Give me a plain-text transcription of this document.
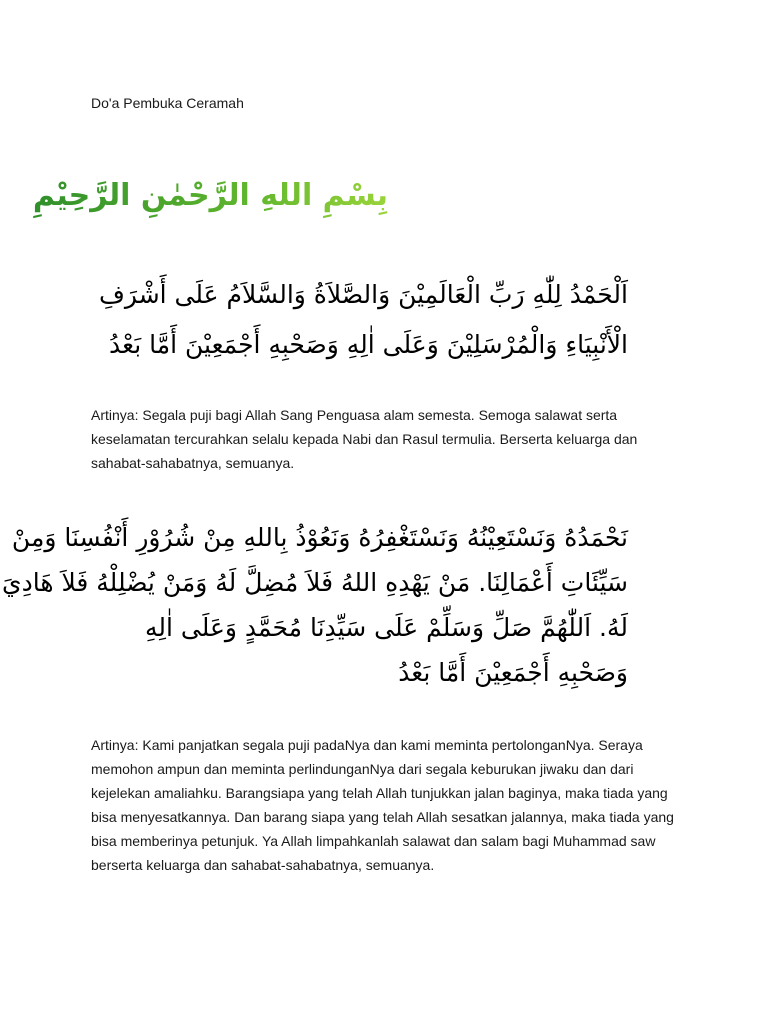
Do'a Pembuka Ceramah
بِسْمِ اللهِ الرَّحْمٰنِ الرَّحِيْمِ
اَلْحَمْدُ لِلّٰهِ رَبِّ الْعَالَمِيْنَ وَالصَّلاَةُ وَالسَّلاَمُ عَلَى أَشْرَفِ
الْأَنْبِيَاءِ وَالْمُرْسَلِيْنَ وَعَلَى اٰلِهِ وَصَحْبِهِ أَجْمَعِيْنَ أَمَّا بَعْدُ
Artinya: Segala puji bagi Allah Sang Penguasa alam semesta. Semoga salawat serta keselamatan tercurahkan selalu kepada Nabi dan Rasul termulia. Berserta keluarga dan sahabat-sahabatnya, semuanya.
نَحْمَدُهُ وَنَسْتَعِيْنُهُ وَنَسْتَغْفِرُهُ وَنَعُوْذُ بِاللهِ مِنْ شُرُوْرِ أَنْفُسِنَا وَمِنْ
سَيِّئَاتِ أَعْمَالِنَا. مَنْ يَهْدِهِ اللهُ فَلاَ مُضِلَّ لَهُ وَمَنْ يُضْلِلْهُ فَلاَ هَادِيَ
لَهُ. اَللّٰهُمَّ صَلِّ وَسَلِّمْ عَلَى سَيِّدِنَا مُحَمَّدٍ وَعَلَى اٰلِهِ
وَصَحْبِهِ أَجْمَعِيْنَ أَمَّا بَعْدُ
Artinya: Kami panjatkan segala puji padaNya dan kami meminta pertolonganNya. Seraya memohon ampun dan meminta perlindunganNya dari segala keburukan jiwaku dan dari kejelekan amaliahku. Barangsiapa yang telah Allah tunjukkan jalan baginya, maka tiada yang bisa menyesatkannya. Dan barang siapa yang telah Allah sesatkan jalannya, maka tiada yang bisa memberinya petunjuk. Ya Allah limpahkanlah salawat dan salam bagi Muhammad saw berserta keluarga dan sahabat-sahabatnya, semuanya.
